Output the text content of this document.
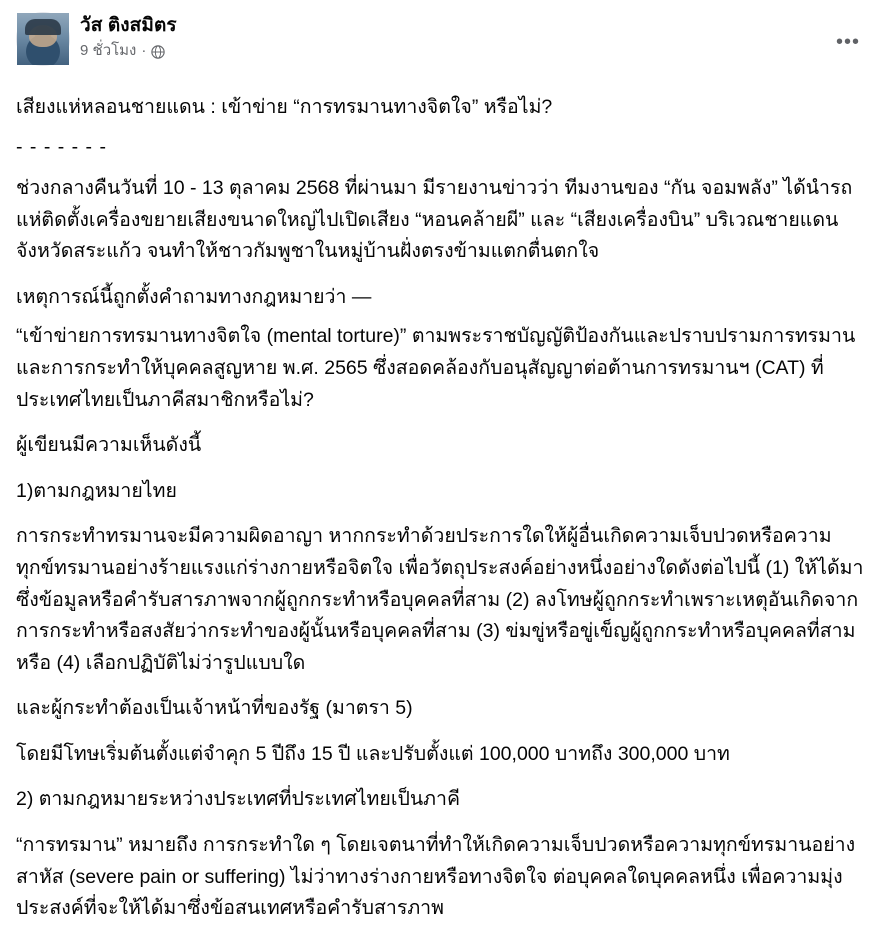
วัส ติงสมิตร
9 ชั่วโมง ·	•••

เสียงแห่หลอนชายแดน : เข้าข่าย “การทรมานทางจิตใจ” หรือไม่?

- - - - - - -

ช่วงกลางคืนวันที่ 10 - 13 ตุลาคม 2568 ที่ผ่านมา มีรายงานข่าวว่า ทีมงานของ “กัน จอมพลัง” ได้นำรถแห่ติดตั้งเครื่องขยายเสียงขนาดใหญ่ไปเปิดเสียง “หอนคล้ายผี” และ “เสียงเครื่องบิน” บริเวณชายแดนจังหวัดสระแก้ว จนทำให้ชาวกัมพูชาในหมู่บ้านฝั่งตรงข้ามแตกตื่นตกใจ

เหตุการณ์นี้ถูกตั้งคำถามทางกฎหมายว่า —

“เข้าข่ายการทรมานทางจิตใจ (mental torture)” ตามพระราชบัญญัติป้องกันและปราบปรามการทรมานและการกระทำให้บุคคลสูญหาย พ.ศ. 2565 ซึ่งสอดคล้องกับอนุสัญญาต่อต้านการทรมานฯ (CAT) ที่ประเทศไทยเป็นภาคีสมาชิกหรือไม่?

ผู้เขียนมีความเห็นดังนี้

1)ตามกฎหมายไทย

การกระทำทรมานจะมีความผิดอาญา หากกระทำด้วยประการใดให้ผู้อื่นเกิดความเจ็บปวดหรือความทุกข์ทรมานอย่างร้ายแรงแก่ร่างกายหรือจิตใจ เพื่อวัตถุประสงค์อย่างหนึ่งอย่างใดดังต่อไปนี้ (1) ให้ได้มาซึ่งข้อมูลหรือคำรับสารภาพจากผู้ถูกกระทำหรือบุคคลที่สาม (2) ลงโทษผู้ถูกกระทำเพราะเหตุอันเกิดจากการกระทำหรือสงสัยว่ากระทำของผู้นั้นหรือบุคคลที่สาม (3) ข่มขู่หรือขู่เข็ญผู้ถูกกระทำหรือบุคคลที่สาม หรือ (4) เลือกปฏิบัติไม่ว่ารูปแบบใด

และผู้กระทำต้องเป็นเจ้าหน้าที่ของรัฐ (มาตรา 5)

โดยมีโทษเริ่มต้นตั้งแต่จำคุก 5 ปีถึง 15 ปี และปรับตั้งแต่ 100,000 บาทถึง 300,000 บาท

2) ตามกฎหมายระหว่างประเทศที่ประเทศไทยเป็นภาคี

“การทรมาน” หมายถึง การกระทำใด ๆ โดยเจตนาที่ทำให้เกิดความเจ็บปวดหรือความทุกข์ทรมานอย่างสาหัส (severe pain or suffering) ไม่ว่าทางร่างกายหรือทางจิตใจ ต่อบุคคลใดบุคคลหนึ่ง เพื่อความมุ่งประสงค์ที่จะให้ได้มาซึ่งข้อสนเทศหรือคำรับสารภาพ
